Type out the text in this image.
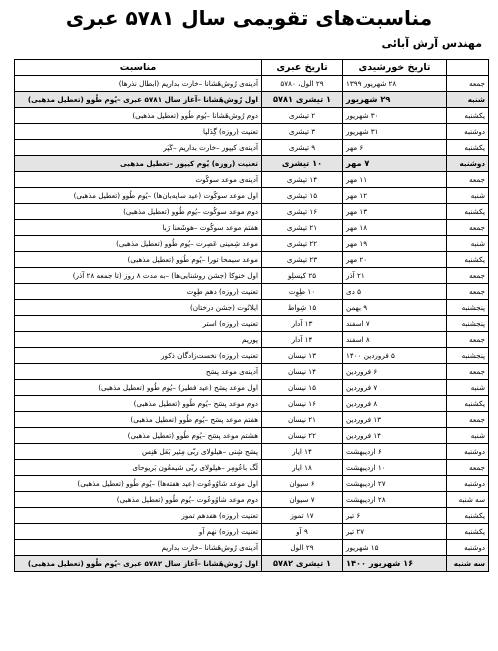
مناسبت‌های تقویمی سال ۵۷۸۱ عبری
مهندس آرش آبائی
	تاریخ خورشیدی	تاریخ عبری	مناسبت
جمعه	۲۸ شهریور ۱۳۹۹	۲۹ الول، ۵۷۸۰	آدینه‌ی رُوش‌هَشانا –خارت بداریم (ابطال نذرها)
شنبه	۲۹ شهریور	۱ تیشری ۵۷۸۱	اول رُوش‌هَشانا –آغاز سال ۵۷۸۱ عبری –یُوم طُوو (تعطیل مذهبی)
یکشنبه	۳۰ شهریور	۲ تیشری	دوم رُوش‌هَشانا –یُوم طُوو (تعطیل مذهبی)
دوشنبه	۳۱ شهریور	۳ تیشری	تعنیت (روزه) گِدَلیا
یکشنبه	۶ مهر	۹ تیشری	آدینه‌ی کیپور –خارت بداریم –کَپَر
دوشنبه	۷ مهر	۱۰ تیشری	تعنیت (روزه) یُوم کیپور –تعطیل مذهبی
جمعه	۱۱ مهر	۱۴ تیشری	آدینه‌ی موعد سوکُوت
شنبه	۱۲ مهر	۱۵ تیشری	اول موعد سوکُوت (عید سایه‌بان‌ها) –یُوم طُوو (تعطیل مذهبی)
یکشنبه	۱۳ مهر	۱۶ تیشری	دوم موعد سوکُوت –یُوم طُوو (تعطیل مذهبی)
جمعه	۱۸ مهر	۲۱ تیشری	هفتم موعد سوکُوت –هوشَعنا رَبا
شنبه	۱۹ مهر	۲۲ تیشری	موعد شِمینی عَصِرت –یُوم طُوو (تعطیل مذهبی)
یکشنبه	۲۰ مهر	۲۳ تیشری	موعد سیمحا تورا –یُوم طُوو (تعطیل مذهبی)
جمعه	۲۱ آذر	۲۵ کیسلِو	اول خنوکا (جشن روشنایی‌ها) –به مدت ۸ روز (تا جمعه ۲۸ آذر)
جمعه	۵ دی	۱۰ طِوِت	تعنیت (روزه) دهم طِوِت
پنجشنبه	۹ بهمن	۱۵ شِواط	ایلانُوت (جشن درختان)
پنجشنبه	۷ اسفند	۱۳ آدار	تعنیت (روزه) استر
جمعه	۸ اسفند	۱۴ آدار	پوریم
پنجشنبه	۵ فروردین ۱۴۰۰	۱۳ نیسان	تعنیت (روزه) نخست‌زادگان ذکور
جمعه	۶ فروردین	۱۴ نیسان	آدینه‌ی موعد پسَح
شنبه	۷ فروردین	۱۵ نیسان	اول موعد پسَح (عید فطیر) –یُوم طُوو (تعطیل مذهبی)
یکشنبه	۸ فروردین	۱۶ نیسان	دوم موعد پسَح –یُوم طُوو (تعطیل مذهبی)
جمعه	۱۳ فروردین	۲۱ نیسان	هفتم موعد پسَح –یُوم طُوو (تعطیل مذهبی)
شنبه	۱۴ فروردین	۲۲ نیسان	هشتم موعد پسَح –یُوم طُوو (تعطیل مذهبی)
دوشنبه	۶ اردیبهشت	۱۴ ایار	پسَح شِنی –هیلولای ربّی مِئیر بَعَل هَنِس
جمعه	۱۰ اردیبهشت	۱۸ ایار	لَگ باعُومِر –هیلولای ربّی شیمعُون بَریوحای
دوشنبه	۲۷ اردیبهشت	۶ سیوان	اول موعد شاوُوعُوت (عید هفته‌ها) –یُوم طُوو (تعطیل مذهبی)
سه شنبه	۲۸ اردیبهشت	۷ سیوان	دوم موعد شاوُوعُوت –یُوم طُوو (تعطیل مذهبی)
یکشنبه	۶ تیر	۱۷ تموز	تعنیت (روزه) هفدهم تموز
یکشنبه	۲۷ تیر	۹ آو	تعنیت (روزه) نهم آو
دوشنبه	۱۵ شهریور	۲۹ الول	آدینه‌ی رُوش‌هَشانا –خارت بداریم
سه شنبه	۱۶ شهریور ۱۴۰۰	۱ تیشری ۵۷۸۲	اول رُوش‌هَشانا –آغاز سال ۵۷۸۲ عبری –یُوم طُوو (تعطیل مذهبی)
